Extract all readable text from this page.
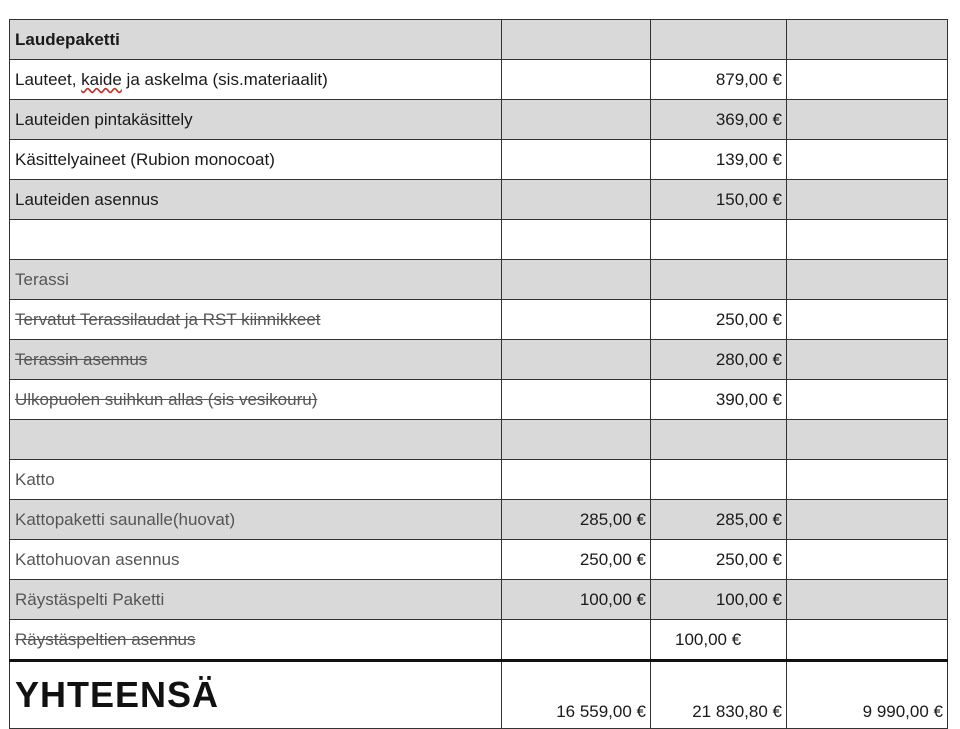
Laudepaketti			
Lauteet, kaide ja askelma (sis.materiaalit)		879,00 €	
Lauteiden pintakäsittely		369,00 €	
Käsittelyaineet (Rubion monocoat)		139,00 €	
Lauteiden asennus		150,00 €	

Terassi			
Tervatut Terassilaudat ja RST kiinnikkeet		250,00 €	
Terassin asennus		280,00 €	
Ulkopuolen suihkun allas (sis vesikouru)		390,00 €	

Katto			
Kattopaketti saunalle(huovat)	285,00 €	285,00 €	
Kattohuovan asennus	250,00 €	250,00 €	
Räystäspelti Paketti	100,00 €	100,00 €	
Räystäspeltien asennus		100,00 €	
YHTEENSÄ	16 559,00 €	21 830,80 €	9 990,00 €
